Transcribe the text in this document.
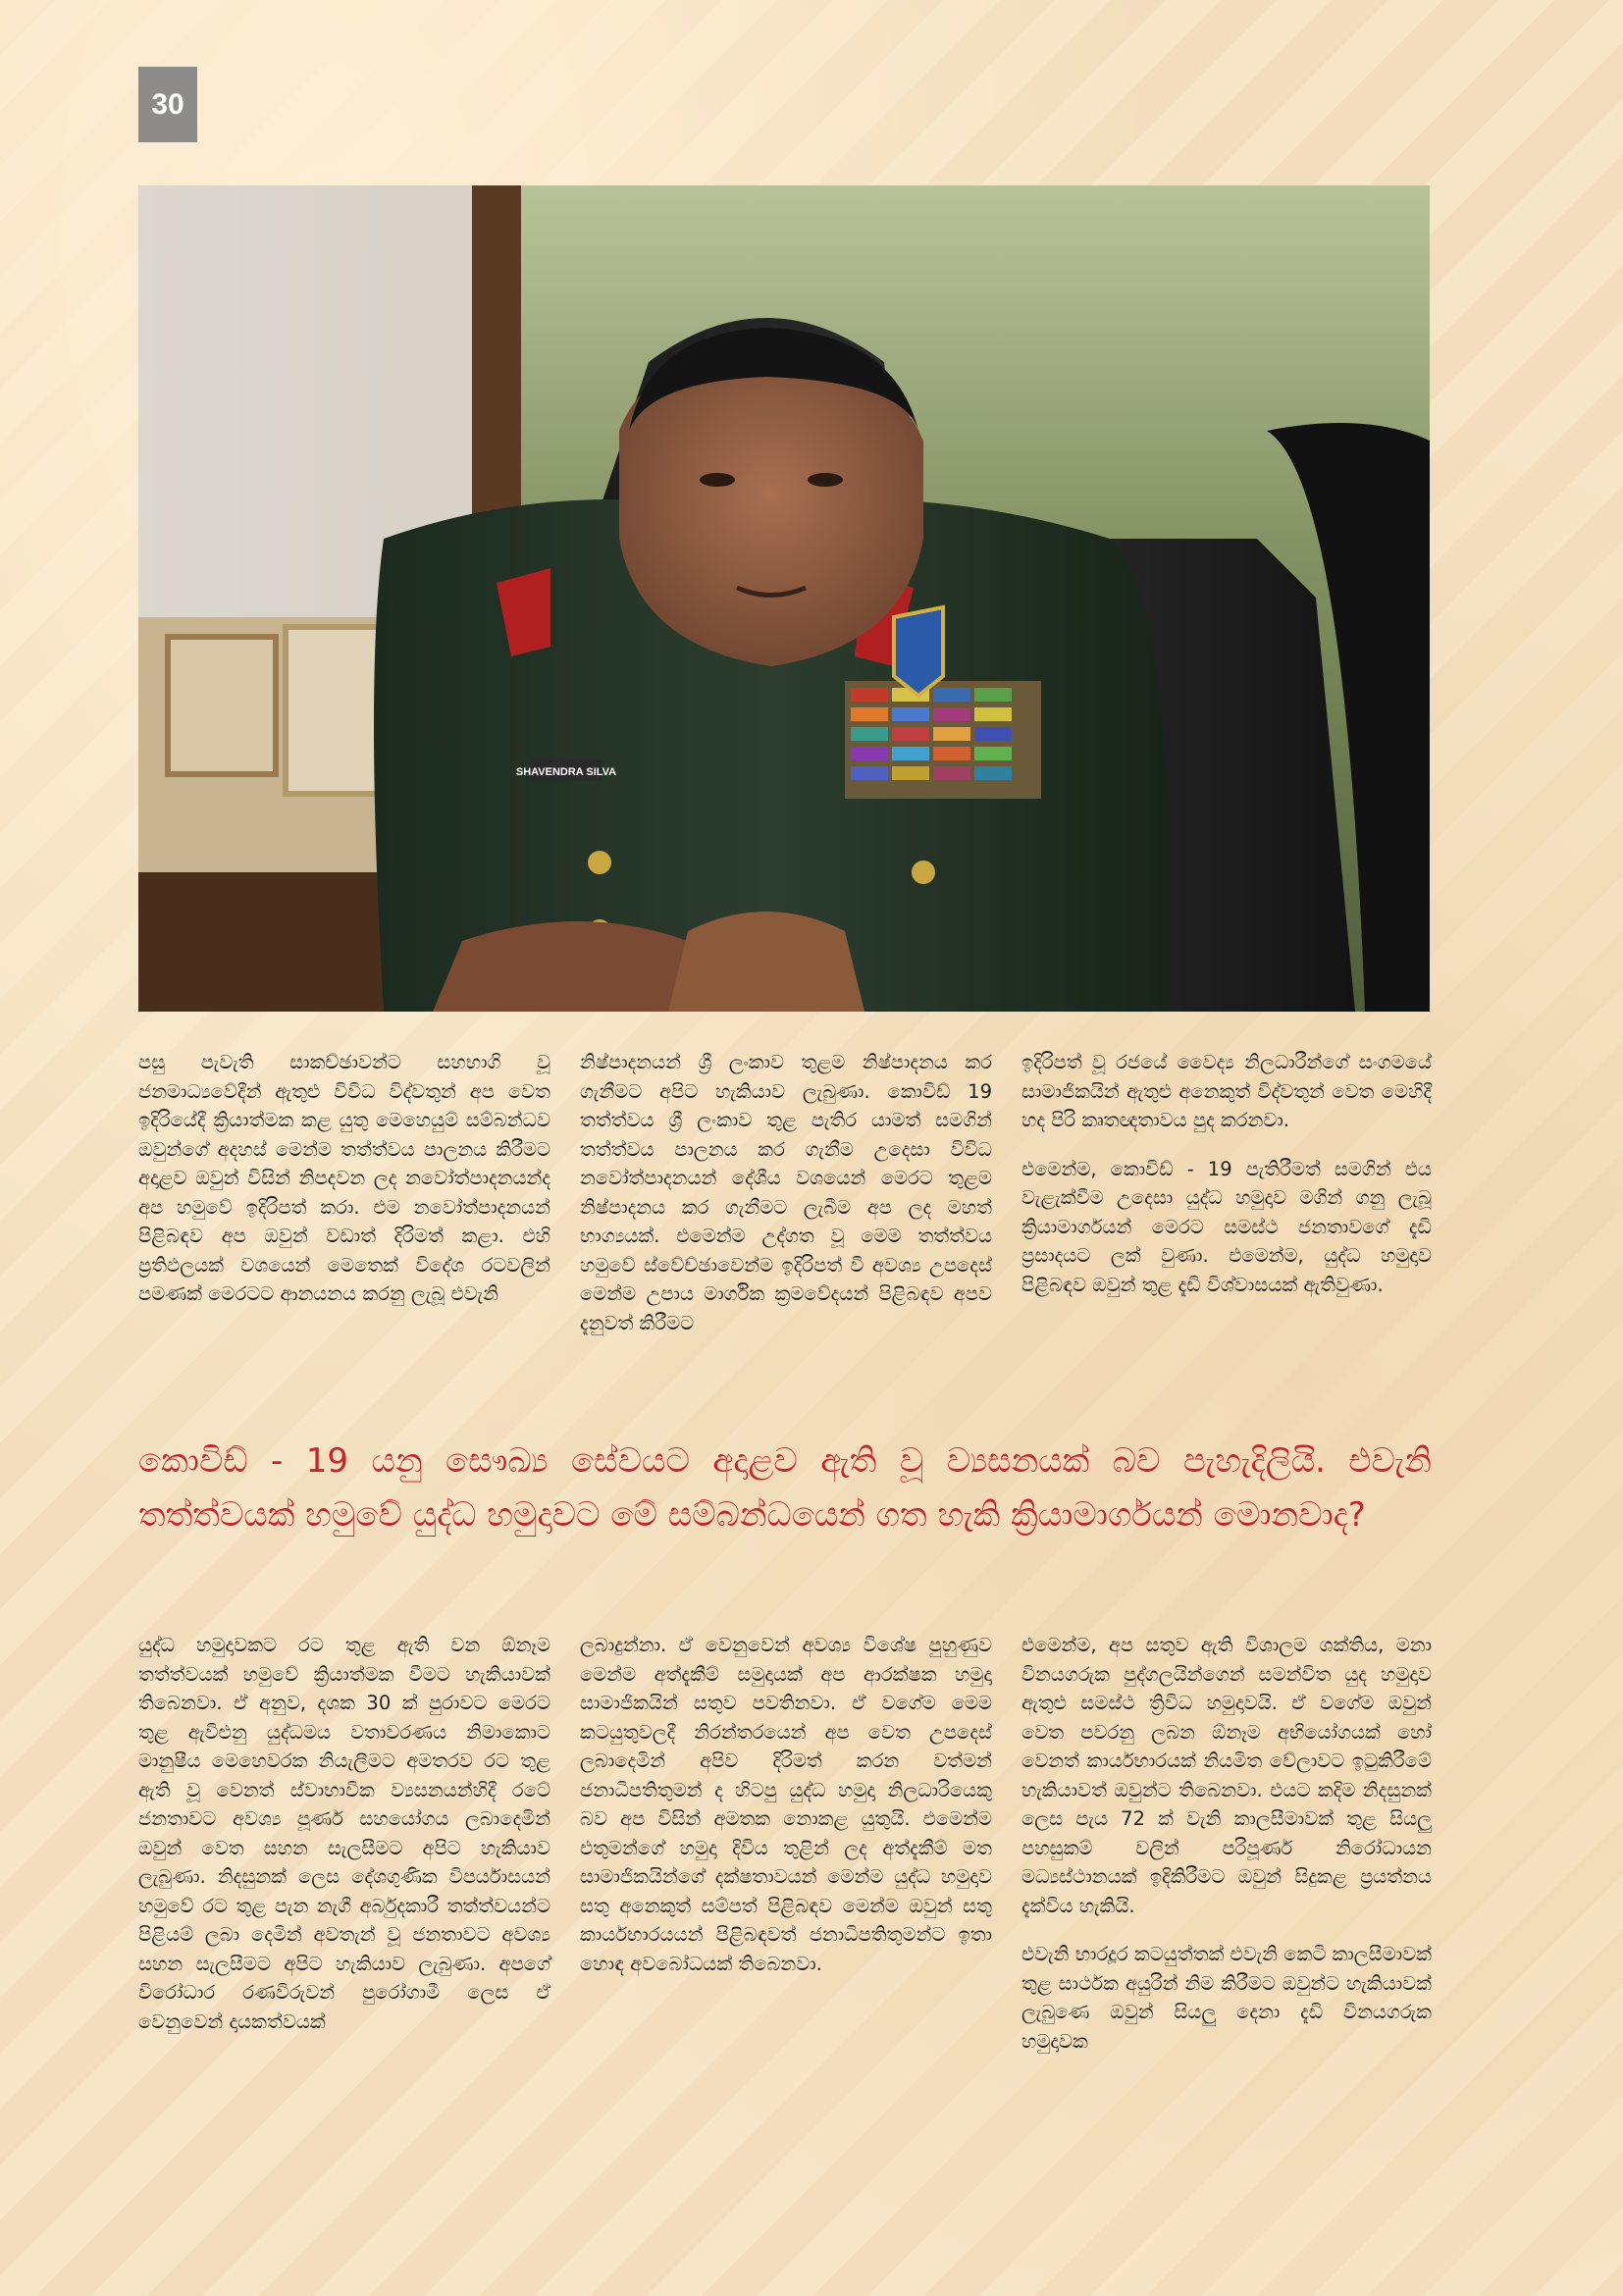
30
SHAVENDRA SILVA

පසු පැවැති සාකච්ඡාවන්ට සහභාගි වූ ජනමාධ්‍යවේදීන් ඇතුළු විවිධ විද්වතුන් අප වෙත ඉදිරියේදී ක්‍රියාත්මක කළ යුතු මෙහෙයුම් සම්බන්ධව ඔවුන්ගේ අදහස් මෙන්ම තත්ත්වය පාලනය කිරීමට අදාළව ඔවුන් විසින් නිපදවන ලද නවෝත්පාදනයන්ද අප හමුවේ ඉදිරිපත් කරා. එම නවෝත්පාදනයන් පිළිබඳව අප ඔවුන් වඩාත් දිරිමත් කළා. එහි ප්‍රතිඵලයක් වශයෙන් මෙතෙක් විදේශ රටවලින් පමණක් මෙරටට ආනයනය කරනු ලැබූ එවැනි

නිෂ්පාදනයන් ශ්‍රී ලංකාව තුළම නිෂ්පාදනය කර ගැනීමට අපිට හැකියාව ලැබුණා. කොවිඩ් 19 තත්ත්වය ශ්‍රී ලංකාව තුළ පැතිර යාමත් සමගින් තත්ත්වය පාලනය කර ගැනීම උදෙසා විවිධ නවෝත්පාදනයන් දේශීය වශයෙන් මෙරට තුළම නිෂ්පාදනය කර ගැනීමට ලැබීම අප ලද මහත් භාග්‍යයක්. එමෙන්ම උද්ගත වූ මෙම තත්ත්වය හමුවේ ස්වේච්ඡාවෙන්ම ඉදිරිපත් වී අවශ්‍ය උපදෙස් මෙන්ම උපාය මාර්ගික ක්‍රමවේදයන් පිළිබඳව අපව දැනුවත් කිරීමට

ඉදිරිපත් වූ රජයේ වෛද්‍ය නිලධාරීන්ගේ සංගමයේ සාමාජිකයින් ඇතුළු අනෙකුත් විද්වතුන් වෙත මෙහිදී හද පිරි කෘතඥතාවය පුද කරනවා.

එමෙන්ම, කොවිඩ් - 19 පැතිරීමත් සමගින් එය වැළැක්වීම උදෙසා යුද්ධ හමුදාව මගින් ගනු ලැබූ ක්‍රියාමාර්ගයන් මෙරට සමස්ථ ජනතාවගේ දැඩි ප්‍රසාදයට ලක් වුණා. එමෙන්ම, යුද්ධ හමුදාව පිළිබඳව ඔවුන් තුළ දැඩි විශ්වාසයක් ඇතිවුණා.

කොවිඩ් - 19 යනු සෞඛ්‍ය සේවයට අදාළව ඇති වූ ව්‍යසනයක් බව පැහැදිලියි. එවැනි තත්ත්වයක් හමුවේ යුද්ධ හමුදාවට මේ සම්බන්ධයෙන් ගත හැකි ක්‍රියාමාර්ගයන් මොනවාද?

යුද්ධ හමුදාවකට රට තුළ ඇති වන ඕනෑම තත්ත්වයක් හමුවේ ක්‍රියාත්මක වීමට හැකියාවක් තිබෙනවා. ඒ අනුව, දශක 30 ක් පුරාවට මෙරට තුළ ඇවිළුනු යුද්ධමය වතාවරණය නිමාකොට මානුෂීය මෙහෙවරක නියැලීමට අමතරව රට තුළ ඇති වූ වෙනත් ස්වාභාවික ව්‍යසනයන්හිදී රටේ ජනතාවට අවශ්‍ය පූර්ණ සහයෝගය ලබාදෙමින් ඔවුන් වෙත සහන සැලසීමට අපිට හැකියාව ලැබුණා. නිදසුනක් ලෙස දේශගුණික විපර්යාසයන් හමුවේ රට තුළ පැන නැගී අර්බුදකාරී තත්ත්වයන්ට පිළියම් ලබා දෙමින් අවතැන් වූ ජනතාවට අවශ්‍ය සහන සැලසීමට අපිට හැකියාව ලැබුණා. අපගේ විරෝධාර රණවිරුවන් පුරෝගාමී ලෙස ඒ වෙනුවෙන් දායකත්වයක්

ලබාදුන්නා. ඒ වෙනුවෙන් අවශ්‍ය විශේෂ පුහුණුව මෙන්ම අත්දැකීම් සමුදායක් අප ආරක්ෂක හමුදා සාමාජිකයින් සතුව පවතිනවා. ඒ වගේම මෙම කටයුතුවලදී නිරන්තරයෙන් අප වෙත උපදෙස් ලබාදෙමින් අපිව දිරිමත් කරන වත්මන් ජනාධිපතිතුමන් ද හිටපු යුද්ධ හමුදා නිලධාරියෙකු බව අප විසින් අමතක නොකළ යුතුයි. එමෙන්ම එතුමන්ගේ හමුදා දිවිය තුළින් ලද අත්දැකීම් මත සාමාජිකයින්ගේ දක්ෂතාවයන් මෙන්ම යුද්ධ හමුදාව සතු අනෙකුත් සම්පත් පිළිබඳව මෙන්ම ඔවුන් සතු කාර්යභාරයයන් පිළිබඳවත් ජනාධිපතිතුමන්ට ඉතා හොඳ අවබෝධයක් තිබෙනවා.

එමෙන්ම, අප සතුව ඇති විශාලම ශක්තිය, මනා විනයගරුක පුද්ගලයින්ගෙන් සමන්විත යුද හමුදාව ඇතුළු සමස්ථ ත්‍රිවිධ හමුදාවයි. ඒ වගේම ඔවුන් වෙත පවරනු ලබන ඕනෑම අභියෝගයක් හෝ වෙනත් කාර්යභාරයක් නියමිත වේලාවට ඉටුකිරීමේ හැකියාවත් ඔවුන්ට තිබෙනවා. එයට කදිම නිදසුනක් ලෙස පැය 72 ක් වැනි කාලසීමාවක් තුළ සියලු පහසුකම් වලින් පරිපූර්ණ නිරෝධායන මධ්‍යස්ථානයක් ඉදිකිරීමට ඔවුන් සිදුකළ ප්‍රයත්නය දැක්විය හැකියි.

එවැනි භාරදූර කටයුත්තක් එවැනි කෙටි කාලසීමාවක් තුළ සාර්ථක අයුරින් නිම කිරීමට ඔවුන්ට හැකියාවක් ලැබුණෙ ඔවුන් සියලු දෙනා දැඩි විනයගරුක හමුදාවක
